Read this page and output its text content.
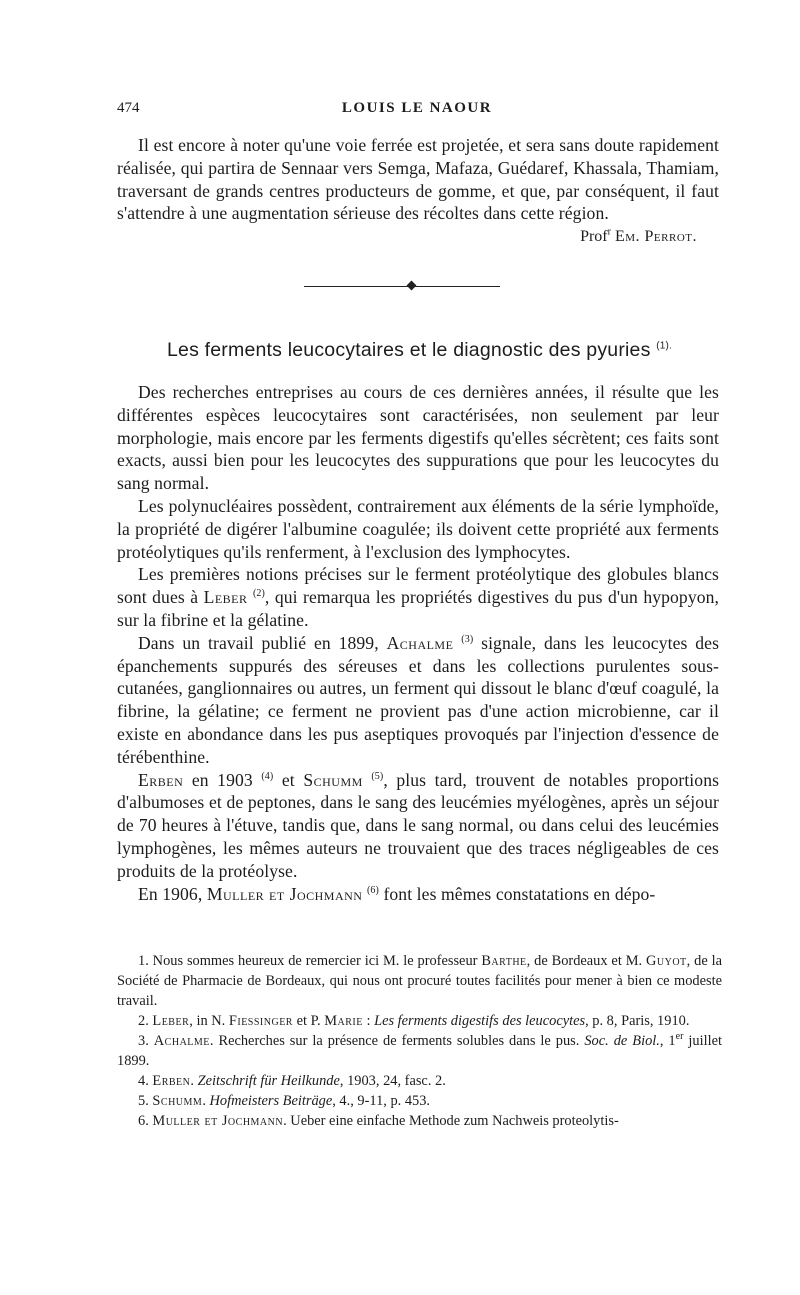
474	LOUIS LE NAOUR

Il est encore à noter qu'une voie ferrée est projetée, et sera sans doute rapidement réalisée, qui partira de Sennaar vers Semga, Mafaza, Guédaref, Khassala, Thamiam, traversant de grands centres producteurs de gomme, et que, par conséquent, il faut s'attendre à une augmentation sérieuse des récoltes dans cette région.

Prof$^r$ Em. Perrot.

Les ferments leucocytaires et le diagnostic des pyuries $^{(1).}$

Des recherches entreprises au cours de ces dernières années, il résulte que les différentes espèces leucocytaires sont caractérisées, non seulement par leur morphologie, mais encore par les ferments digestifs qu'elles sécrètent; ces faits sont exacts, aussi bien pour les leucocytes des suppurations que pour les leucocytes du sang normal.

Les polynucléaires possèdent, contrairement aux éléments de la série lymphoïde, la propriété de digérer l'albumine coagulée; ils doivent cette propriété aux ferments protéolytiques qu'ils renferment, à l'exclusion des lymphocytes.

Les premières notions précises sur le ferment protéolytique des globules blancs sont dues à Leber $^{(2)}$, qui remarqua les propriétés digestives du pus d'un hypopyon, sur la fibrine et la gélatine.

Dans un travail publié en 1899, Achalme $^{(3)}$ signale, dans les leucocytes des épanchements suppurés des séreuses et dans les collections purulentes sous-cutanées, ganglionnaires ou autres, un ferment qui dissout le blanc d'œuf coagulé, la fibrine, la gélatine; ce ferment ne provient pas d'une action microbienne, car il existe en abondance dans les pus aseptiques provoqués par l'injection d'essence de térébenthine.

Erben en 1903 $^{(4)}$ et Schumm $^{(5)}$, plus tard, trouvent de notables proportions d'albumoses et de peptones, dans le sang des leucémies myélogènes, après un séjour de 70 heures à l'étuve, tandis que, dans le sang normal, ou dans celui des leucémies lymphogènes, les mêmes auteurs ne trouvaient que des traces négligeables de ces produits de la protéolyse.

En 1906, Muller et Jochmann $^{(6)}$ font les mêmes constatations en dépo-

1. Nous sommes heureux de remercier ici M. le professeur Barthe, de Bordeaux et M. Guyot, de la Société de Pharmacie de Bordeaux, qui nous ont procuré toutes facilités pour mener à bien ce modeste travail.

2. Leber, in N. Fiessinger et P. Marie : Les ferments digestifs des leucocytes, p. 8, Paris, 1910.

3. Achalme. Recherches sur la présence de ferments solubles dans le pus. Soc. de Biol., 1er juillet 1899.

4. Erben. Zeitschrift für Heilkunde, 1903, 24, fasc. 2.

5. Schumm. Hofmeisters Beiträge, 4., 9-11, p. 453.

6. Muller et Jochmann. Ueber eine einfache Methode zum Nachweis proteolytis-
